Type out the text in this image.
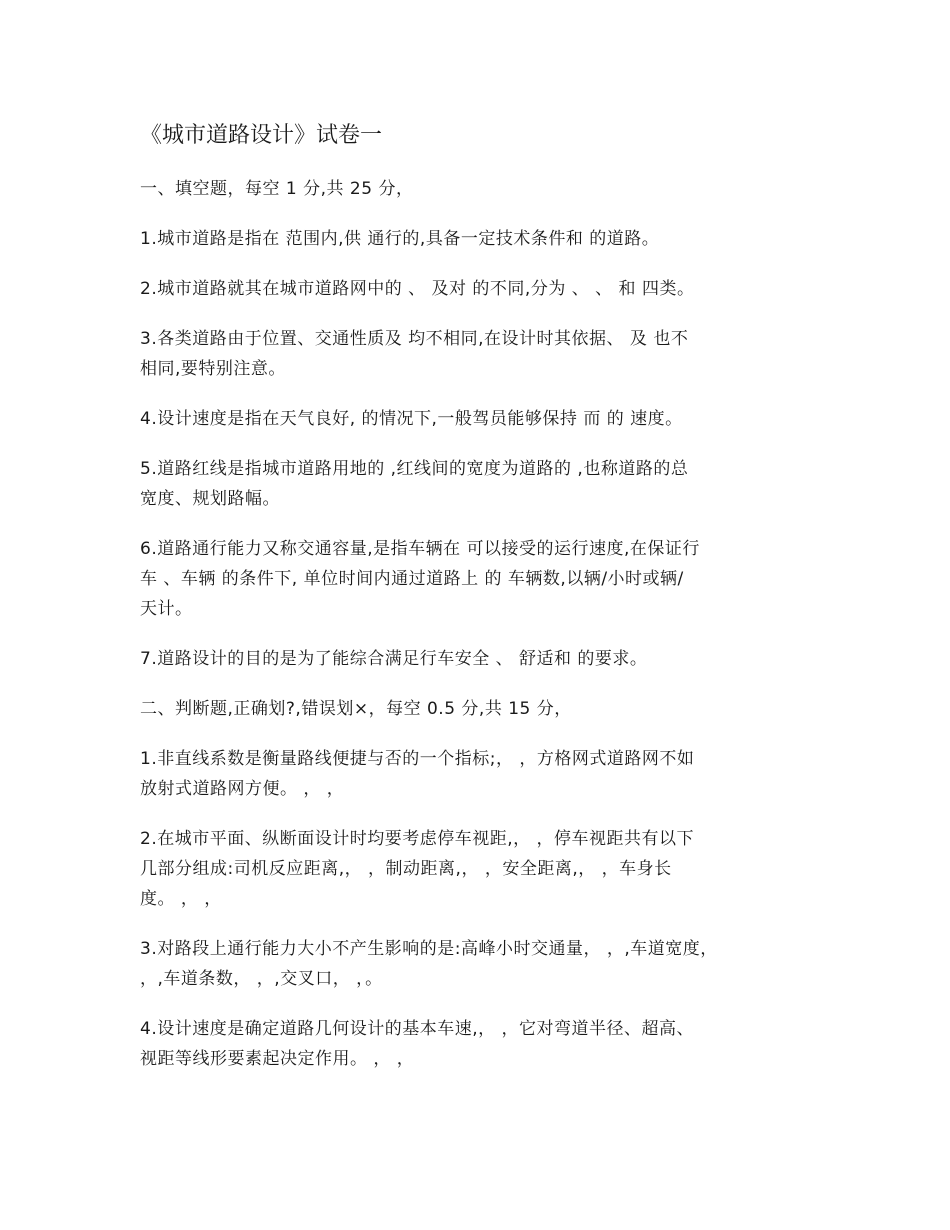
《城市道路设计》试卷一
一、填空题，每空 1 分,共 25 分，
1.城市道路是指在 范围内,供 通行的,具备一定技术条件和 的道路。
2.城市道路就其在城市道路网中的 、 及对 的不同,分为 、 、 和 四类。
3.各类道路由于位置、交通性质及 均不相同,在设计时其依据、 及 也不
相同,要特别注意。
4.设计速度是指在天气良好, 的情况下,一般驾员能够保持 而 的 速度。
5.道路红线是指城市道路用地的 ,红线间的宽度为道路的 ,也称道路的总
宽度、规划路幅。
6.道路通行能力又称交通容量,是指车辆在 可以接受的运行速度,在保证行
车 、车辆 的条件下, 单位时间内通过道路上 的 车辆数,以辆/小时或辆/
天计。
7.道路设计的目的是为了能综合满足行车安全 、 舒适和 的要求。
二、判断题,正确划?,错误划×，每空 0.5 分,共 15 分，
1.非直线系数是衡量路线便捷与否的一个指标;， ，方格网式道路网不如
放射式道路网方便。 ， ，
2.在城市平面、纵断面设计时均要考虑停车视距,， ，停车视距共有以下
几部分组成:司机反应距离,， ，制动距离,， ，安全距离,， ，车身长
度。 ， ，
3.对路段上通行能力大小不产生影响的是:高峰小时交通量， ，,车道宽度，
，,车道条数， ，,交叉口， ，。
4.设计速度是确定道路几何设计的基本车速,， ，它对弯道半径、超高、
视距等线形要素起决定作用。 ， ，
